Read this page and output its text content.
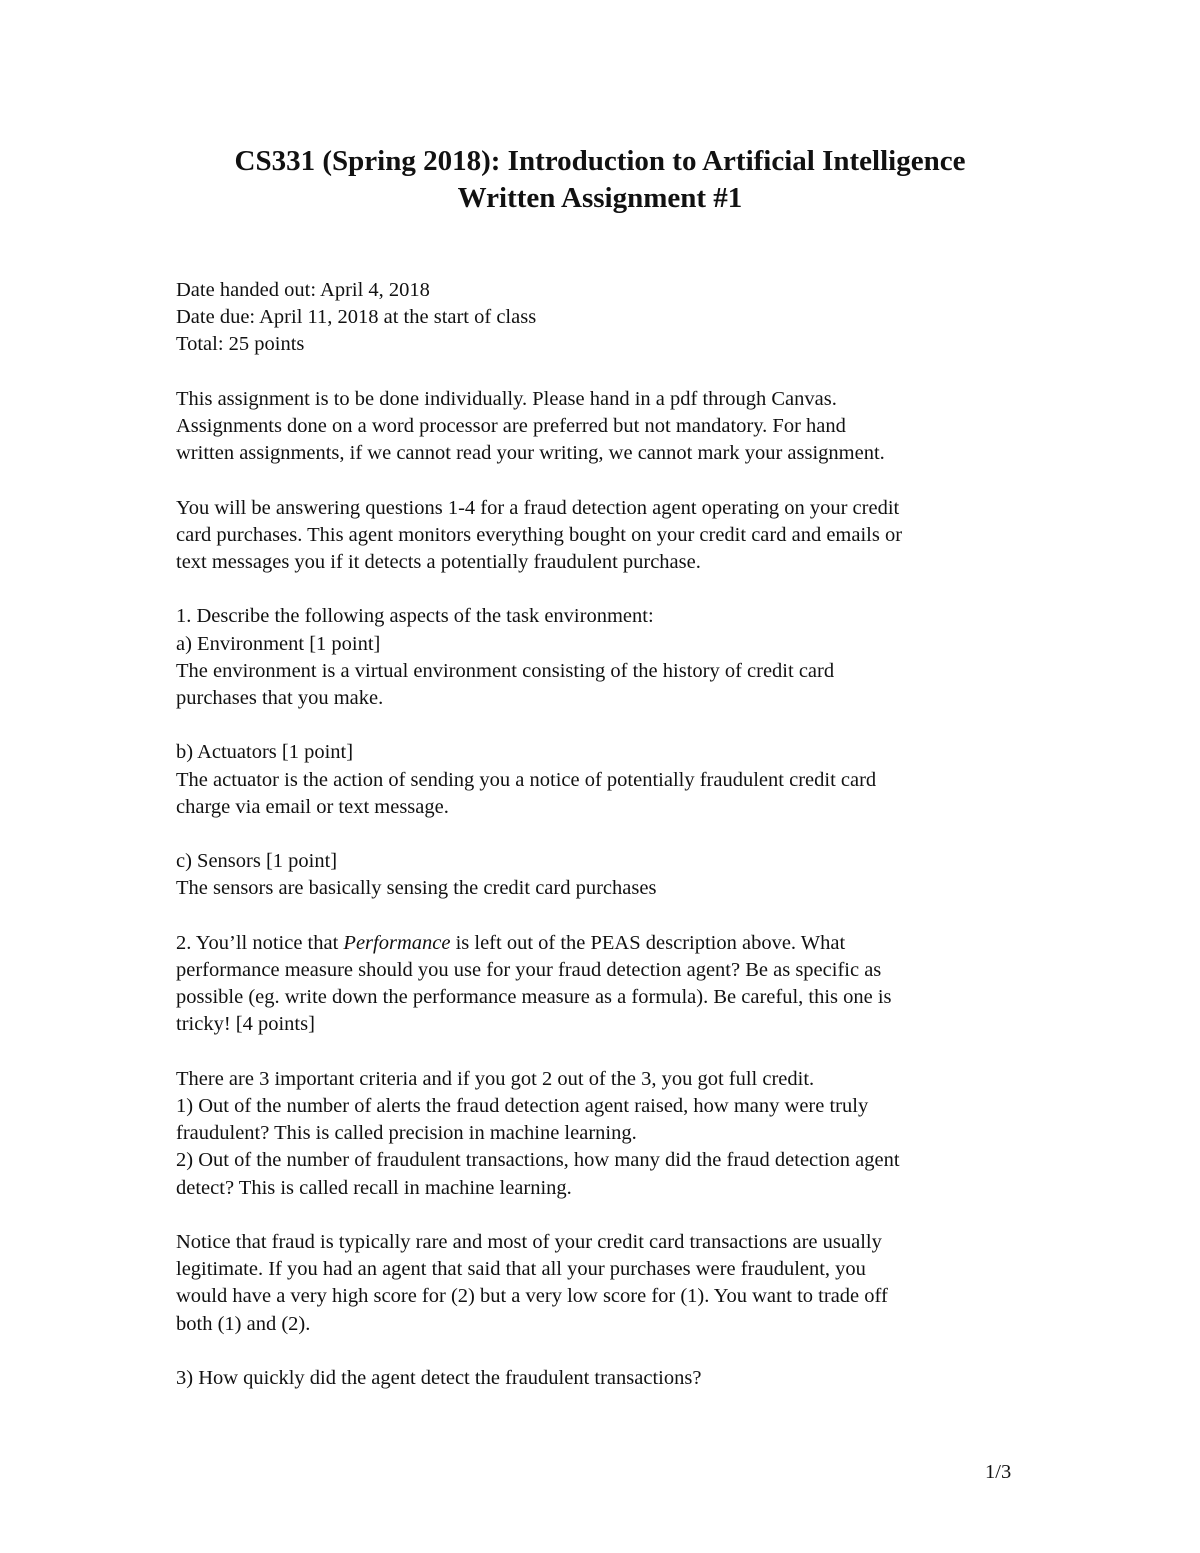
CS331 (Spring 2018): Introduction to Artificial Intelligence
Written Assignment #1

Date handed out: April 4, 2018
Date due: April 11, 2018 at the start of class
Total: 25 points

This assignment is to be done individually. Please hand in a pdf through Canvas.
Assignments done on a word processor are preferred but not mandatory. For hand
written assignments, if we cannot read your writing, we cannot mark your assignment.

You will be answering questions 1-4 for a fraud detection agent operating on your credit
card purchases. This agent monitors everything bought on your credit card and emails or
text messages you if it detects a potentially fraudulent purchase.

1. Describe the following aspects of the task environment:
a) Environment [1 point]
The environment is a virtual environment consisting of the history of credit card
purchases that you make.

b) Actuators [1 point]
The actuator is the action of sending you a notice of potentially fraudulent credit card
charge via email or text message.

c) Sensors [1 point]
The sensors are basically sensing the credit card purchases

2. You’ll notice that Performance is left out of the PEAS description above. What
performance measure should you use for your fraud detection agent? Be as specific as
possible (eg. write down the performance measure as a formula). Be careful, this one is
tricky! [4 points]

There are 3 important criteria and if you got 2 out of the 3, you got full credit.
1) Out of the number of alerts the fraud detection agent raised, how many were truly
fraudulent? This is called precision in machine learning.
2) Out of the number of fraudulent transactions, how many did the fraud detection agent
detect? This is called recall in machine learning.

Notice that fraud is typically rare and most of your credit card transactions are usually
legitimate. If you had an agent that said that all your purchases were fraudulent, you
would have a very high score for (2) but a very low score for (1). You want to trade off
both (1) and (2).

3) How quickly did the agent detect the fraudulent transactions?

1/3
